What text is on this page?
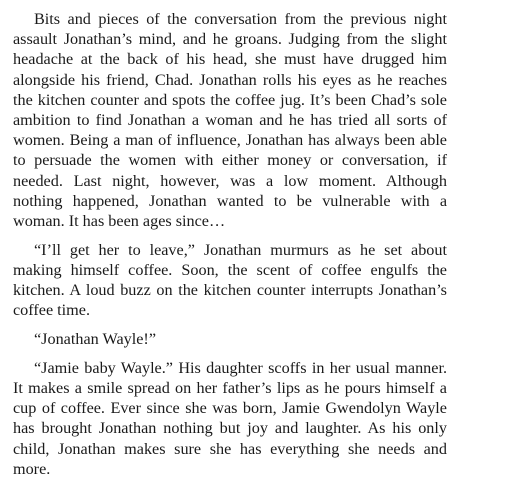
Bits and pieces of the conversation from the previous night assault Jonathan’s mind, and he groans. Judging from the slight headache at the back of his head, she must have drugged him alongside his friend, Chad. Jonathan rolls his eyes as he reaches the kitchen counter and spots the coffee jug. It’s been Chad’s sole ambition to find Jonathan a woman and he has tried all sorts of women. Being a man of influence, Jonathan has always been able to persuade the women with either money or conversation, if needed. Last night, however, was a low moment. Although nothing happened, Jonathan wanted to be vulnerable with a woman. It has been ages since…

“I’ll get her to leave,” Jonathan murmurs as he set about making himself coffee. Soon, the scent of coffee engulfs the kitchen. A loud buzz on the kitchen counter interrupts Jonathan’s coffee time.

“Jonathan Wayle!”

“Jamie baby Wayle.” His daughter scoffs in her usual manner. It makes a smile spread on her father’s lips as he pours himself a cup of coffee. Ever since she was born, Jamie Gwendolyn Wayle has brought Jonathan nothing but joy and laughter. As his only child, Jonathan makes sure she has everything she needs and more.
